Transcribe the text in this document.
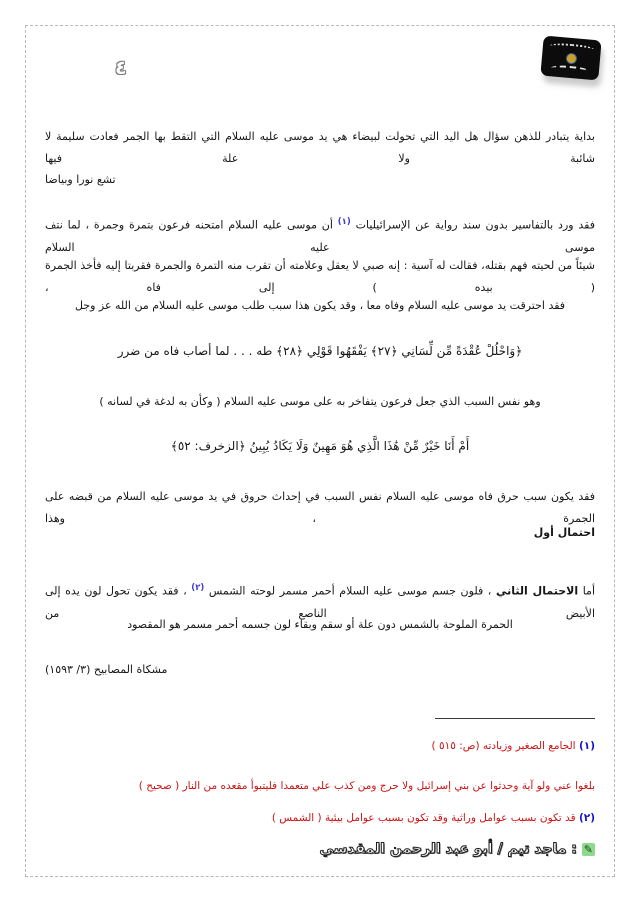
٤
بداية يتبادر للذهن سؤال هل اليد التي تحولت لبيضاء هي يد موسى عليه السلام التي التقط بها الجمر فعادت سليمة لا شائبة ولا علة فيها
تشع نورا وبياضا
فقد ورد بالتفاسير بدون سند رواية عن الإسرائيليات $^{(١)}$ أن موسى عليه السلام امتحنه فرعون بتمرة وجمرة ، لما نتف موسى عليه السلام
شيئاً من لحيته فهم بقتله، فقالت له آسية : إنه صبي لا يعقل وعلامته أن تقرب منه التمرة والجمرة فقربتا إليه فأخذ الجمرة ( بيده ) إلى فاه ،
فقد احترقت يد موسى عليه السلام وفاه معا ، وقد يكون هذا سبب طلب موسى عليه السلام من الله عز وجل
﴿وَاحْلُلْ عُقْدَةً مِّن لِّسَانِي ﴿٢٧﴾ يَفْقَهُوا قَوْلِي ﴿٢٨﴾ طه . . . لما أصاب فاه من ضرر
وهو نفس السبب الذي جعل فرعون يتفاخر به على موسى عليه السلام ( وكأن به لدغة في لسانه )
أَمْ أَنَا خَيْرٌ مِّنْ هَٰذَا الَّذِي هُوَ مَهِينٌ وَلَا يَكَادُ يُبِينُ ﴿الزخرف: ٥٢﴾
فقد يكون سبب حرق فاه موسى عليه السلام نفس السبب في إحداث حروق في يد موسى عليه السلام من قبضه على الجمرة ، وهذا
احتمال أول
أما الاحتمال الثاني ، فلون جسم موسى عليه السلام أحمر مسمر لوحته الشمس $^{(٢)}$ ، فقد يكون تحول لون يده إلى الأبيض الناصع من
الحمرة الملوحة بالشمس دون علة أو سقم وبقاء لون جسمه أحمر مسمر هو المقصود
مشكاة المصابيح (٣/ ١٥٩٣)
(١) الجامع الصغير وزيادته (ص: ٥١٥ )
بلغوا عني ولو آية وحدثوا عن بني إسرائيل ولا حرج ومن كذب علي متعمدا فليتبوأ مقعده من النار ( صحيح )
(٢) قد تكون بسبب عوامل وراثية وقد تكون بسبب عوامل بيئية ( الشمس )
✎ : ماجد تيم / أبو عبد الرحمن المقدسي
